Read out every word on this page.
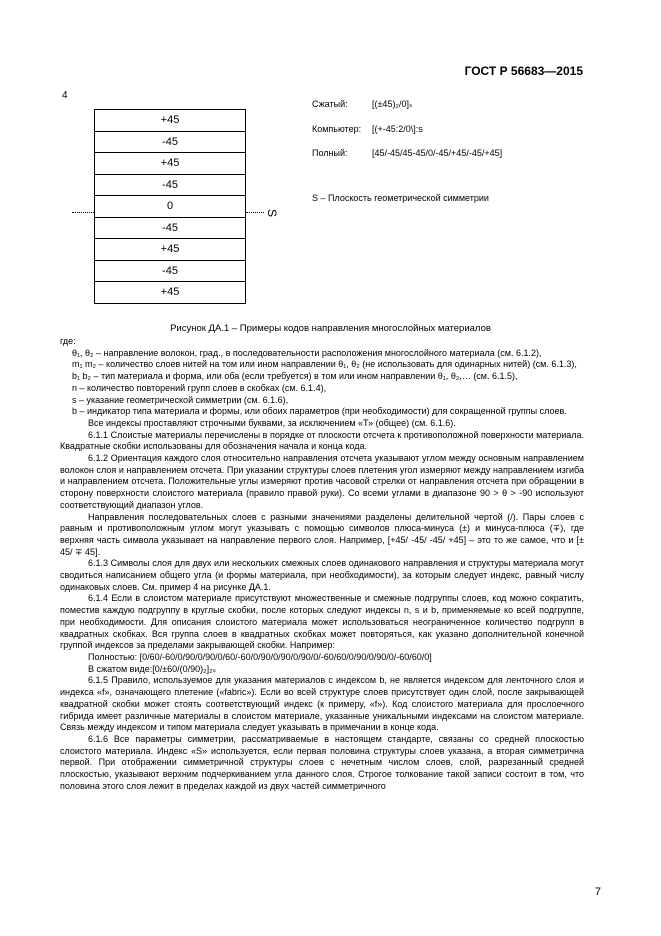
ГОСТ Р 56683—2015
4
+45
-45
+45
-45
0
-45
+45
-45
+45
S
Сжатый:	[(±45)₂/0]ₛ
Компьютер:	[(+-45:2/0\]:s
Полный:	[45/-45/45-45/0/-45/+45/-45/+45]
S – Плоскость геометрической симметрии
Рисунок ДА.1 – Примеры кодов направления многослойных материалов

где:

θ₁, θ₂ – направление волокон, град., в последовательности расположения многослойного материала (см. 6.1.2),

m₁ m₂ – количество слоев нитей на том или ином направлении θ₁, θ₂ (не использовать для одинарных нитей) (см. 6.1.3),

b₁ b₂ – тип материала и форма, или оба (если требуется) в том или ином направлении θ₁, θ₂,… (см. 6.1.5),

n – количество повторений групп слоев в скобках (см. 6.1.4),

s – указание геометрической симметрии (см. 6.1.6),

b – индикатор типа материала и формы, или обоих параметров (при необходимости) для сокращенной группы слоев.

Все индексы проставляют строчными буквами, за исключением «Т» (общее) (см. 6.1.6).

6.1.1 Слоистые материалы перечислены в порядке от плоскости отсчета к противоположной поверхности материала. Квадратные скобки использованы для обозначения начала и конца кода.

6.1.2 Ориентация каждого слоя относительно направления отсчета указывают углом между основным направлением волокон слоя и направлением отсчета. При указании структуры слоев плетения угол измеряют между направлением изгиба и направлением отсчета. Положительные углы измеряют против часовой стрелки от направления отсчета при обращении в сторону поверхности слоистого материала (правило правой руки). Со всеми углами в диапазоне 90 > θ > -90 используют соответствующий диапазон углов.

Направления последовательных слоев с разными значениями разделены делительной чертой (/). Пары слоев с равным и противоположным углом могут указывать с помощью символов плюса-минуса (±) и минуса-плюса (∓), где верхняя часть символа указывает на направление первого слоя. Например, [+45/ -45/ -45/ +45] – это то же самое, что и [± 45/ ∓ 45].

6.1.3 Символы слоя для двух или нескольких смежных слоев одинакового направления и структуры материала могут сводиться написанием общего угла (и формы материала, при необходимости), за которым следует индекс, равный числу одинаковых слоев. См. пример 4 на рисунке ДА.1.

6.1.4 Если в слоистом материале присутствуют множественные и смежные подгруппы слоев, код можно сократить, поместив каждую подгруппу в круглые скобки, после которых следуют индексы n, s и b, применяемые ко всей подгруппе, при необходимости. Для описания слоистого материала может использоваться неограниченное количество подгрупп в квадратных скобках. Вся группа слоев в квадратных скобках может повторяться, как указано дополнительной конечной группой индексов за пределами закрывающей скобки. Например:

Полностью: [0/60/-60/0/90/0/90/0/60/-60/0/90/0/90/0/90/0/-60/60/0/90/0/90/0/-60/60/0]

В сжатом виде:[0/±60/(0/90)₂]₂ₛ

6.1.5 Правило, используемое для указания материалов с индексом b, не является индексом для ленточного слоя и индекса «f», означающего плетение («fabric»). Если во всей структуре слоев присутствует один слой, после закрывающей квадратной скобки может стоять соответствующий индекс (к примеру, «f»). Код слоистого материала для прослоечного гибрида имеет различные материалы в слоистом материале, указанные уникальными индексами на слоистом материале. Связь между индексом и типом материала следует указывать в примечании в конце кода.

6.1.6 Все параметры симметрии, рассматриваемые в настоящем стандарте, связаны со средней плоскостью слоистого материала. Индекс «S» используется, если первая половина структуры слоев указана, а вторая симметрична первой. При отображении симметричной структуры слоев с нечетным числом слоев, слой, разрезанный средней плоскостью, указывают верхним подчеркиванием угла данного слоя. Строгое толкование такой записи состоит в том, что половина этого слоя лежит в пределах каждой из двух частей симметричного

7
